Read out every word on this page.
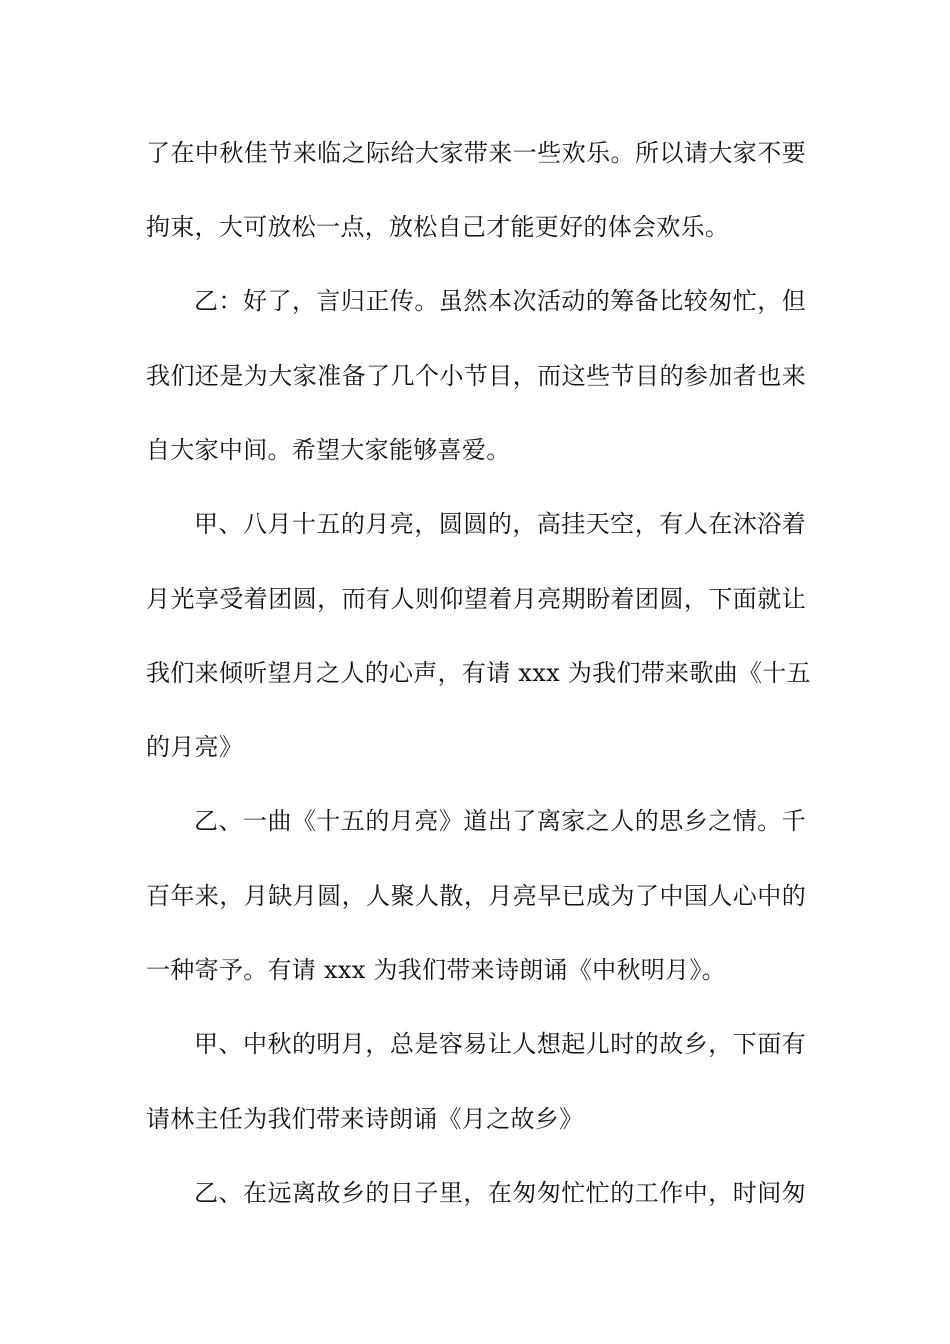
了在中秋佳节来临之际给大家带来一些欢乐。所以请大家不要
拘束，大可放松一点，放松自己才能更好的体会欢乐。
乙：好了，言归正传。虽然本次活动的筹备比较匆忙，但
我们还是为大家准备了几个小节目，而这些节目的参加者也来
自大家中间。希望大家能够喜爱。
甲、八月十五的月亮，圆圆的，高挂天空，有人在沐浴着
月光享受着团圆，而有人则仰望着月亮期盼着团圆，下面就让
我们来倾听望月之人的心声，有请 xxx 为我们带来歌曲《十五
的月亮》
乙、一曲《十五的月亮》道出了离家之人的思乡之情。千
百年来，月缺月圆，人聚人散，月亮早已成为了中国人心中的
一种寄予。有请 xxx 为我们带来诗朗诵《中秋明月》。
甲、中秋的明月，总是容易让人想起儿时的故乡，下面有
请林主任为我们带来诗朗诵《月之故乡》
乙、在远离故乡的日子里，在匆匆忙忙的工作中，时间匆
